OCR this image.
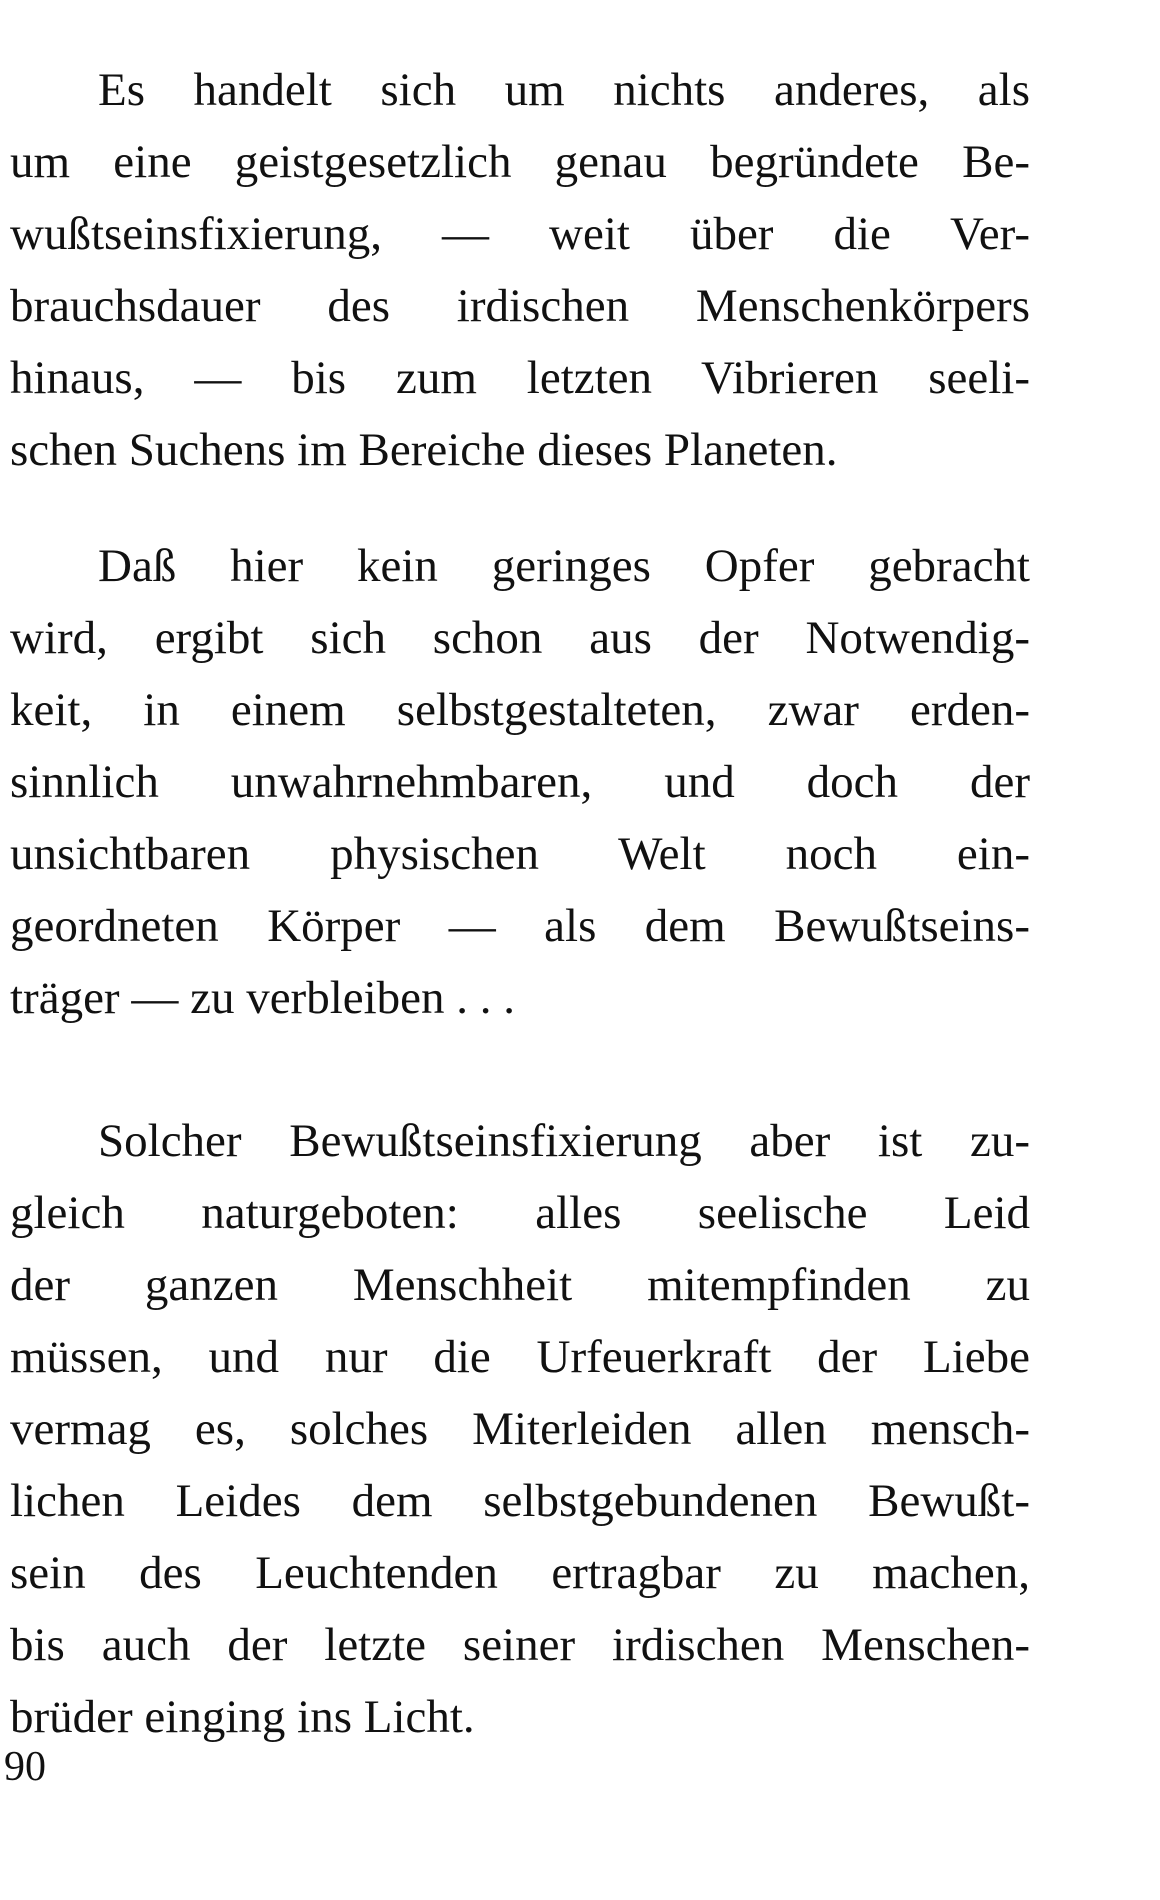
Es handelt sich um nichts anderes, als
um eine geistgesetzlich genau begründete Be-
wußtseinsfixierung, — weit über die Ver-
brauchsdauer des irdischen Menschenkörpers
hinaus, — bis zum letzten Vibrieren seeli-
schen Suchens im Bereiche dieses Planeten.
Daß hier kein geringes Opfer gebracht
wird, ergibt sich schon aus der Notwendig-
keit, in einem selbstgestalteten, zwar erden-
sinnlich unwahrnehmbaren, und doch der
unsichtbaren physischen Welt noch ein-
geordneten Körper — als dem Bewußtseins-
träger — zu verbleiben . . .
Solcher Bewußtseinsfixierung aber ist zu-
gleich naturgeboten: alles seelische Leid
der ganzen Menschheit mitempfinden zu
müssen, und nur die Urfeuerkraft der Liebe
vermag es, solches Miterleiden allen mensch-
lichen Leides dem selbstgebundenen Bewußt-
sein des Leuchtenden ertragbar zu machen,
bis auch der letzte seiner irdischen Menschen-
brüder einging ins Licht.
90
